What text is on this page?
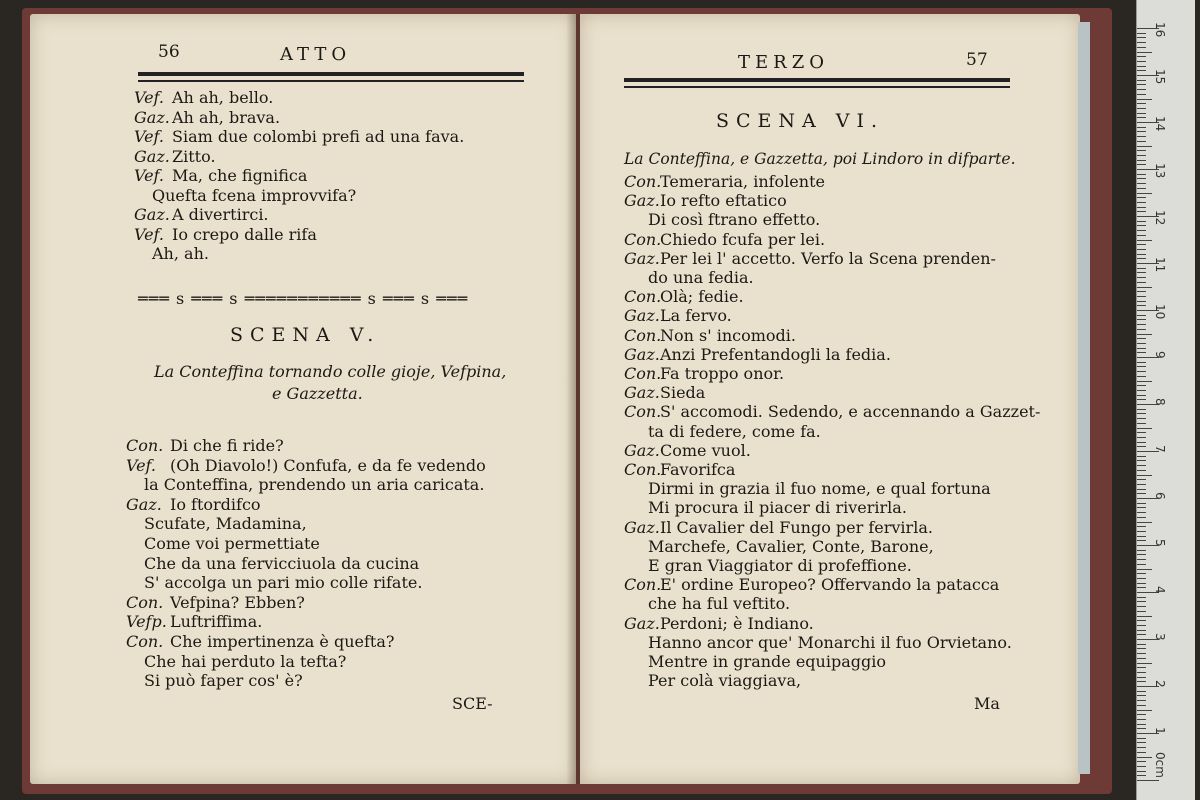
56	ATTO
Vef. Ah ah, bello.
Gaz. Ah ah, brava.
Vef. Siam due colombi prefi ad una fava.
Gaz. Zitto.
Vef. Ma, che fignifica
Quefta fcena improvvifa?
Gaz. A divertirci.
Vef. Io crepo dalle rifa
Ah, ah.
═══ s ═══ s ═══════════ s ═══ s ═══
SCENA V.
La Conteffina tornando colle gioje, Vefpina,
e Gazzetta.
Con. Di che fi ride?
Vef. (Oh Diavolo!) Confufa, e da fe vedendo
la Conteffina, prendendo un aria caricata.
Gaz. Io ftordifco
Scufate, Madamina,
Come voi permettiate
Che da una fervicciuola da cucina
S' accolga un pari mio colle rifate.
Con. Vefpina? Ebben?
Vefp. Luftriffima.
Con. Che impertinenza è quefta?
Che hai perduto la tefta?
Si può faper cos' è?
SCE-
TERZO	57
SCENA VI.
La Conteffina, e Gazzetta, poi Lindoro in difparte.
Con.
Temeraria, infolente
Gaz. Io refto eftatico
Di così ftrano effetto.
Con.
Chiedo fcufa per lei.
Gaz. Per lei l' accetto. Verfo la Scena prenden-
do una fedia.
Con.
Olà; fedie.
Gaz. La fervo.
Con.
Non s' incomodi.
Gaz. Anzi Prefentandogli la fedia.
Con.
Fa troppo onor.
Gaz. Sieda
Con.
S' accomodi. Sedendo, e accennando a Gazzet-
ta di federe, come fa.
Gaz. Come vuol.
Con.
Favorifca
Dirmi in grazia il fuo nome, e qual fortuna
Mi procura il piacer di riverirla.
Gaz. Il Cavalier del Fungo per fervirla.
Marchefe, Cavalier, Conte, Barone,
E gran Viaggiator di profeffione.
Con.
E' ordine Europeo? Offervando la patacca
che ha ful veftito.
Gaz. Perdoni; è Indiano.
Hanno ancor que' Monarchi il fuo Orvietano.
Mentre in grande equipaggio
Per colà viaggiava,
Ma
0cm
1
2
3
4
5
6
7
8
9
10
11
12
13
14
15
16
